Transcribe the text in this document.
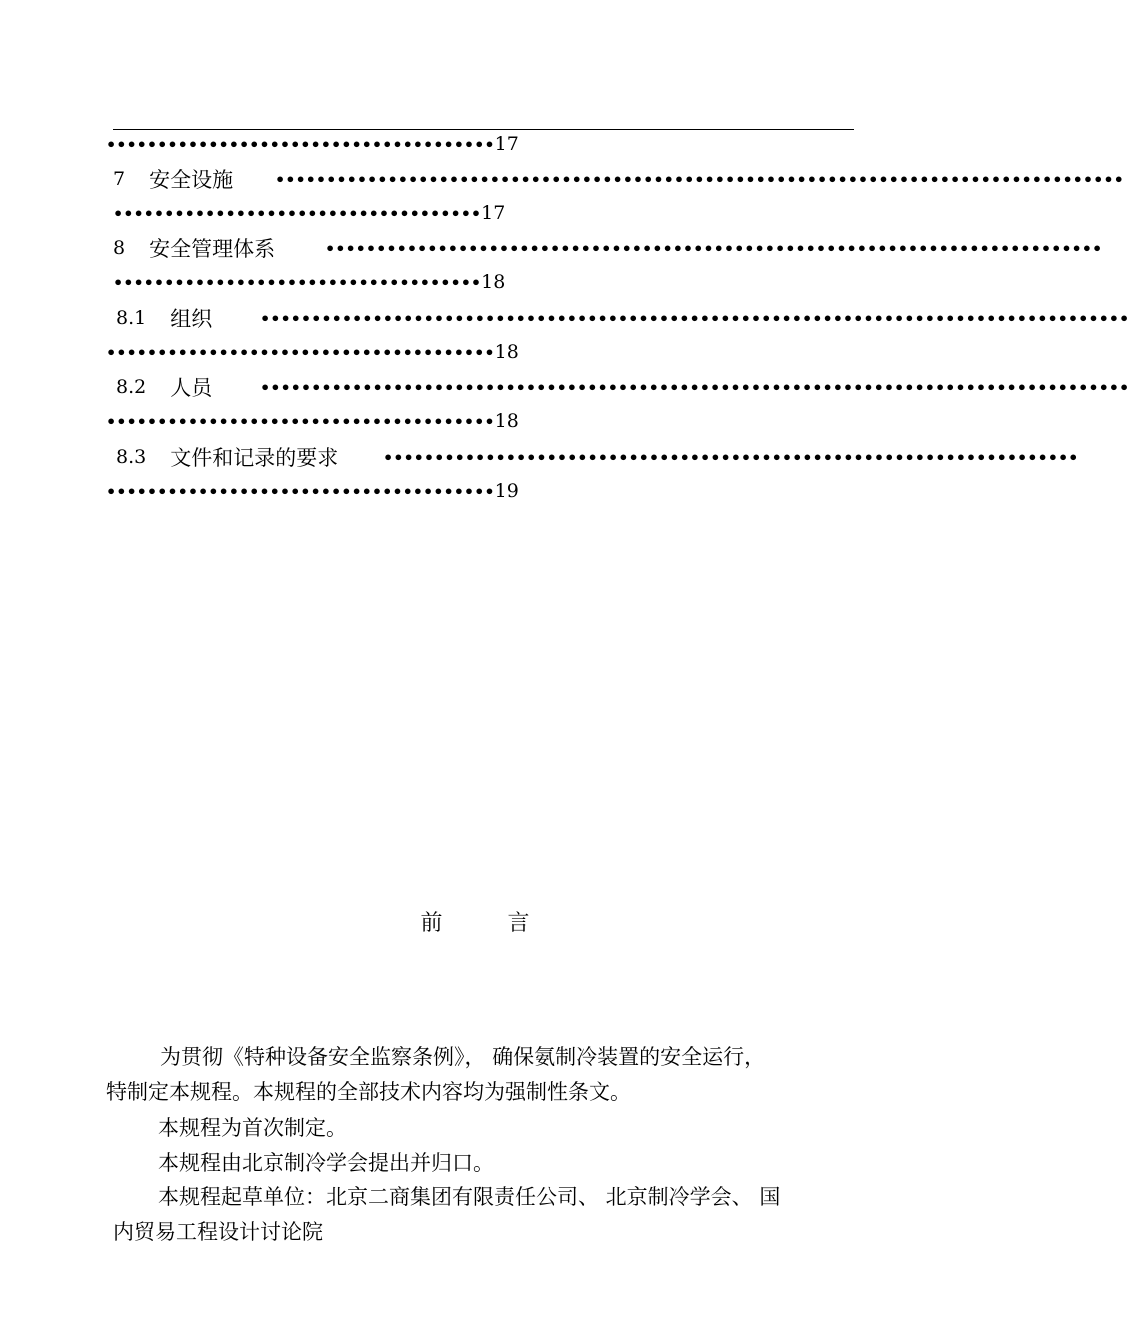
•••••••••••••••••••••••••••••••••••••• 17
7 安全设施	•••••••••••••••••••••••••••••••••••••••••••••••••••••••••••••••••••••••••••••••••••
•••••••••••••••••••••••••••••••••••• 17
8 安全管理体系	••••••••••••••••••••••••••••••••••••••••••••••••••••••••••••••••••••••••••••
•••••••••••••••••••••••••••••••••••• 18
8.1 组织	•••••••••••••••••••••••••••••••••••••••••••••••••••••••••••••••••••••••••••••••••••••
•••••••••••••••••••••••••••••••••••••• 18
8.2 人员	•••••••••••••••••••••••••••••••••••••••••••••••••••••••••••••••••••••••••••••••••••••
•••••••••••••••••••••••••••••••••••••• 18
8.3 文件和记录的要求	••••••••••••••••••••••••••••••••••••••••••••••••••••••••••••••••••••
•••••••••••••••••••••••••••••••••••••• 19
前	言
为贯彻《特种设备安全监察条例》， 确保氨制冷装置的安全运行，
特制定本规程。本规程的全部技术内容均为强制性条文。
本规程为首次制定。
本规程由北京制冷学会提出并归口。
本规程起草单位：北京二商集团有限责任公司、 北京制冷学会、 国
内贸易工程设计讨论院
